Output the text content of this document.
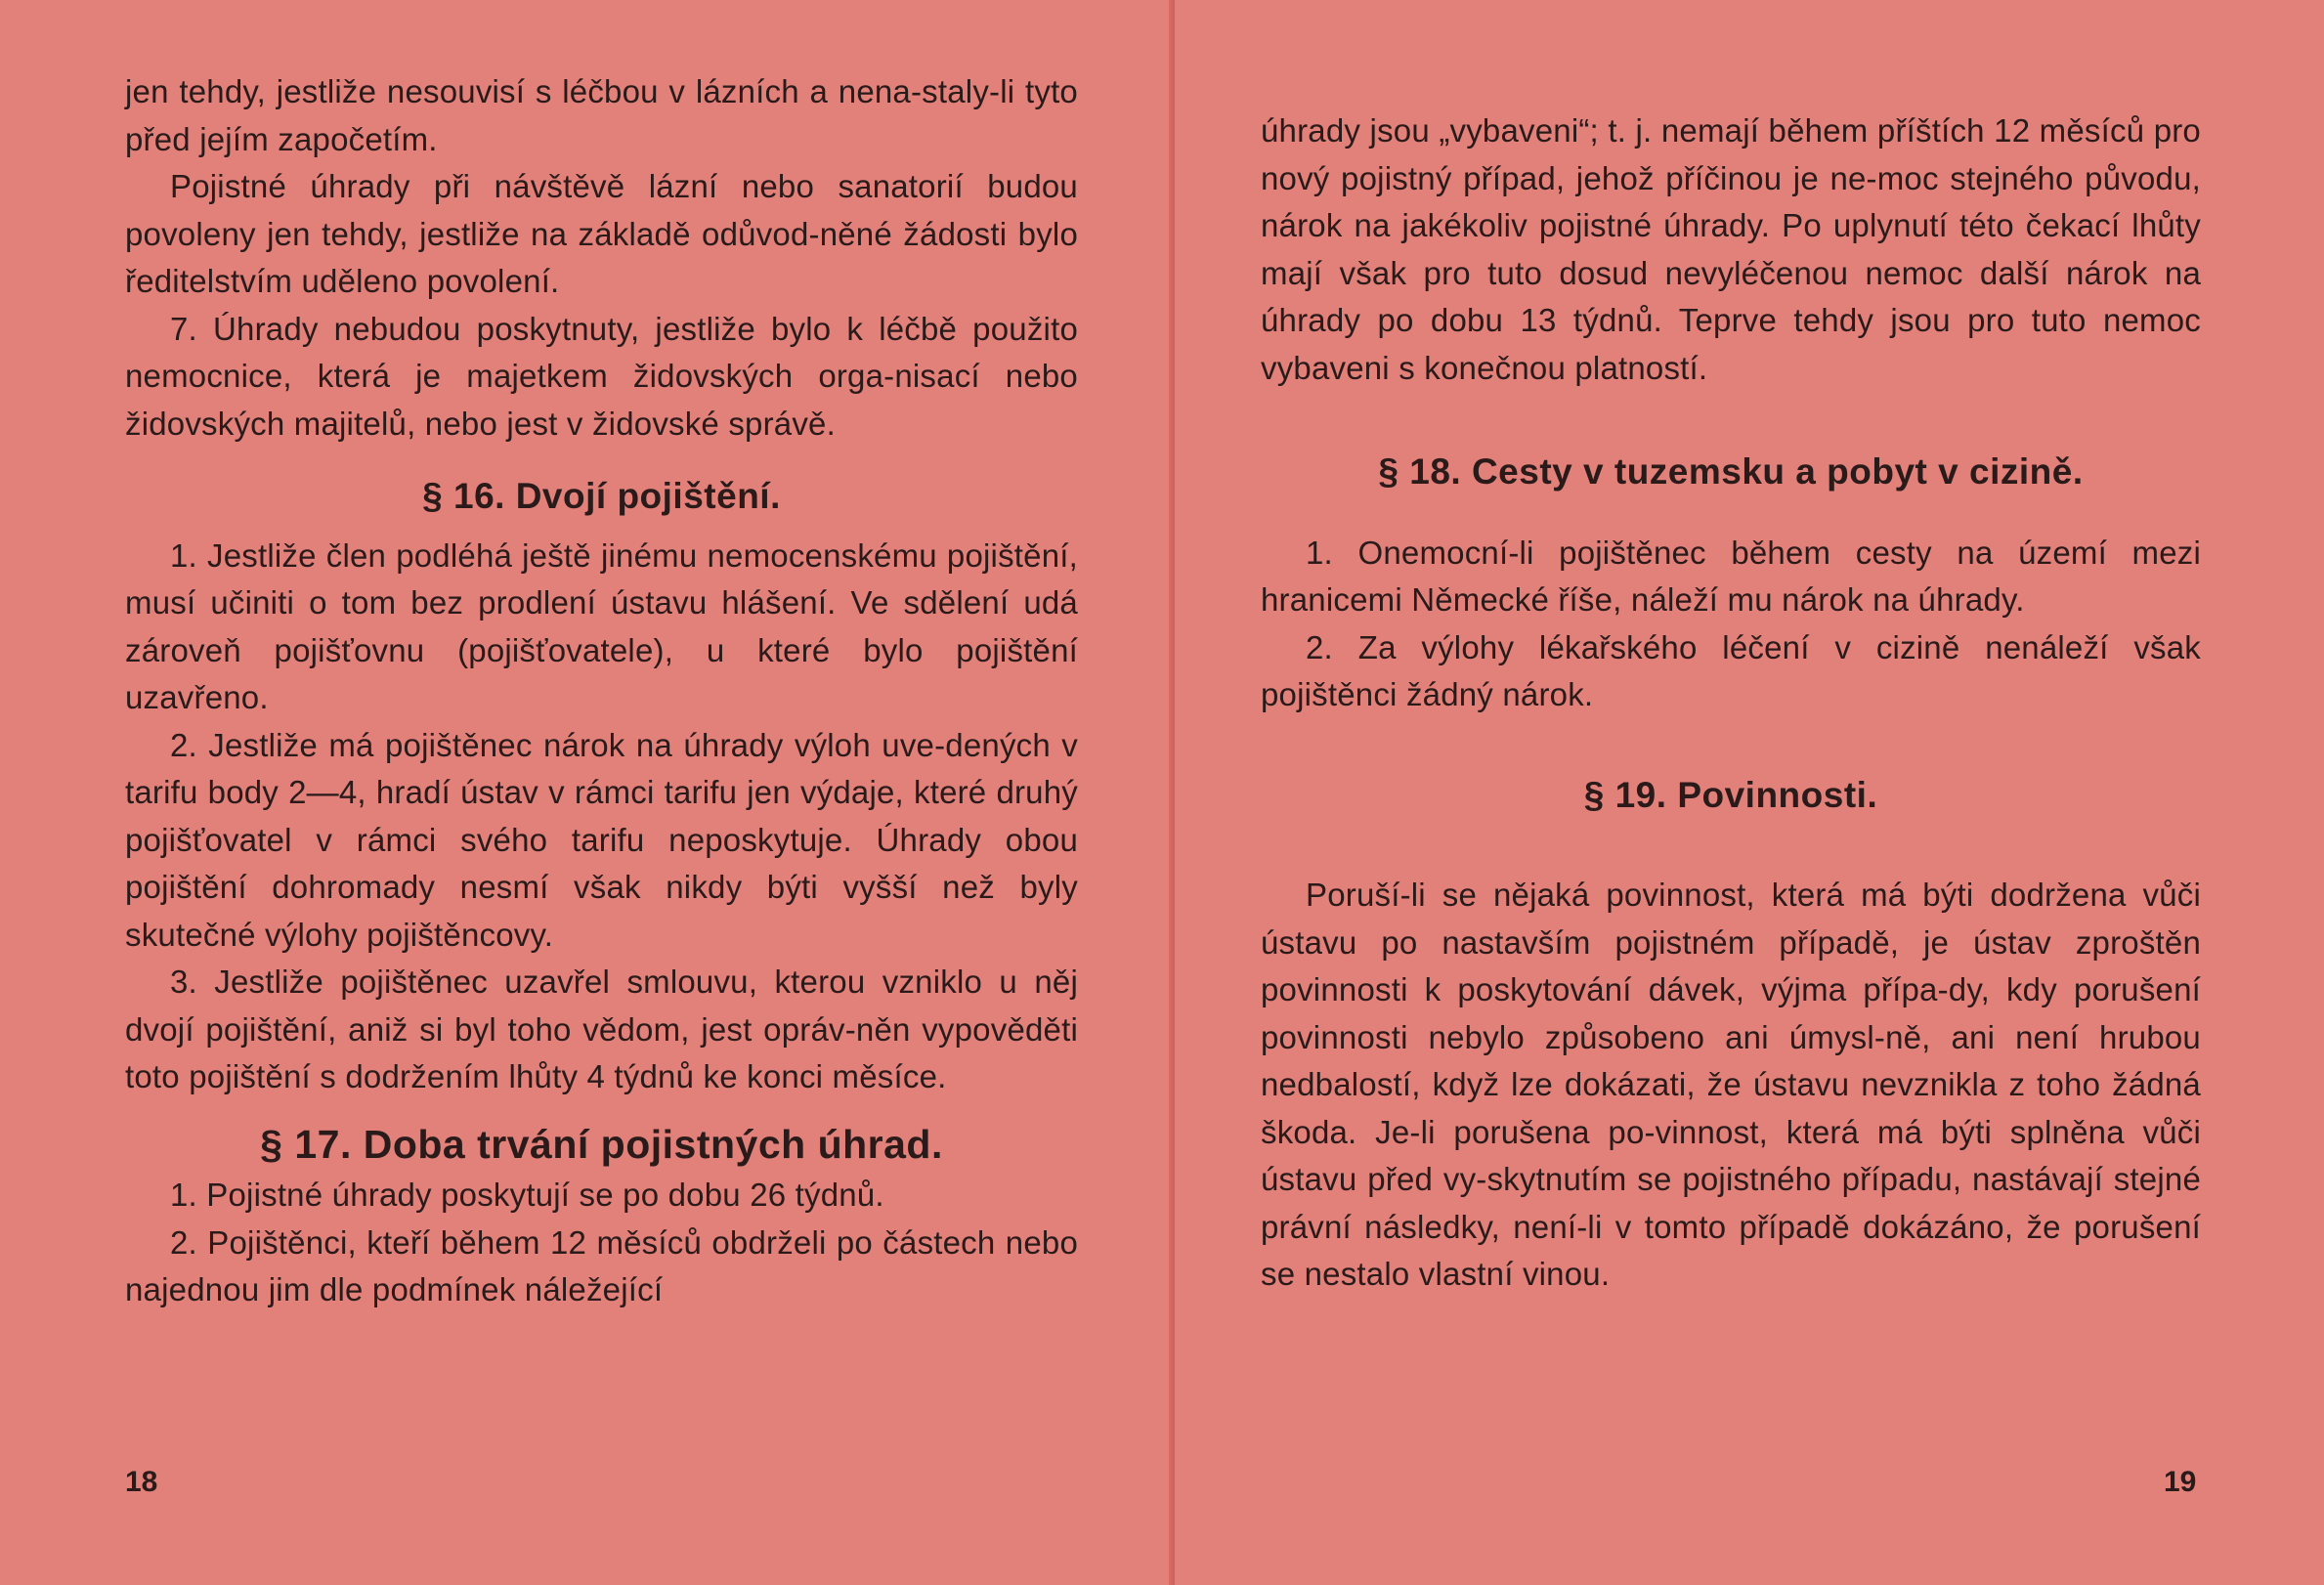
jen tehdy, jestliže nesouvisí s léčbou v lázních a nena-staly-li tyto před jejím započetím.

Pojistné úhrady při návštěvě lázní nebo sanatorií budou povoleny jen tehdy, jestliže na základě odůvod-něné žádosti bylo ředitelstvím uděleno povolení.

7. Úhrady nebudou poskytnuty, jestliže bylo k léčbě použito nemocnice, která je majetkem židovských orga-nisací nebo židovských majitelů, nebo jest v židovské správě.

§ 16. Dvojí pojištění.

1. Jestliže člen podléhá ještě jinému nemocenskému pojištění, musí učiniti o tom bez prodlení ústavu hlášení. Ve sdělení udá zároveň pojišťovnu (pojišťovatele), u které bylo pojištění uzavřeno.

2. Jestliže má pojištěnec nárok na úhrady výloh uve-dených v tarifu body 2—4, hradí ústav v rámci tarifu jen výdaje, které druhý pojišťovatel v rámci svého tarifu neposkytuje. Úhrady obou pojištění dohromady nesmí však nikdy býti vyšší než byly skutečné výlohy pojištěncovy.

3. Jestliže pojištěnec uzavřel smlouvu, kterou vzniklo u něj dvojí pojištění, aniž si byl toho vědom, jest opráv-něn vypověděti toto pojištění s dodržením lhůty 4 týdnů ke konci měsíce.

§ 17. Doba trvání pojistných úhrad.

1. Pojistné úhrady poskytují se po dobu 26 týdnů.

2. Pojištěnci, kteří během 12 měsíců obdrželi po částech nebo najednou jim dle podmínek náležející

18

úhrady jsou „vybaveni“; t. j. nemají během příštích 12 měsíců pro nový pojistný případ, jehož příčinou je ne-moc stejného původu, nárok na jakékoliv pojistné úhrady. Po uplynutí této čekací lhůty mají však pro tuto dosud nevyléčenou nemoc další nárok na úhrady po dobu 13 týdnů. Teprve tehdy jsou pro tuto nemoc vybaveni s konečnou platností.

§ 18. Cesty v tuzemsku a pobyt v cizině.

1. Onemocní-li pojištěnec během cesty na území mezi hranicemi Německé říše, náleží mu nárok na úhrady.

2. Za výlohy lékařského léčení v cizině nenáleží však pojištěnci žádný nárok.

§ 19. Povinnosti.

Poruší-li se nějaká povinnost, která má býti dodržena vůči ústavu po nastavším pojistném případě, je ústav zproštěn povinnosti k poskytování dávek, výjma přípa-dy, kdy porušení povinnosti nebylo způsobeno ani úmysl-ně, ani není hrubou nedbalostí, když lze dokázati, že ústavu nevznikla z toho žádná škoda. Je-li porušena po-vinnost, která má býti splněna vůči ústavu před vy-skytnutím se pojistného případu, nastávají stejné právní následky, není-li v tomto případě dokázáno, že porušení se nestalo vlastní vinou.

19
